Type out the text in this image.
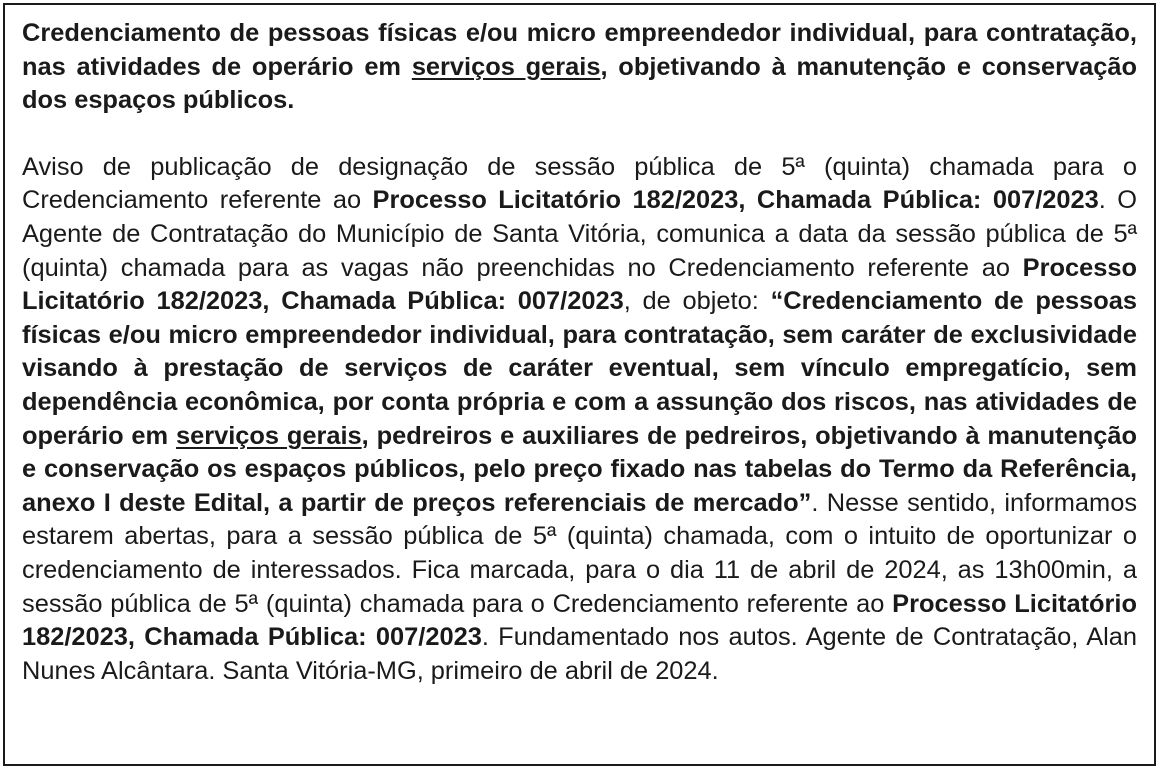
Credenciamento de pessoas físicas e/ou micro empreendedor individual, para contratação, nas atividades de operário em serviços gerais, objetivando à manutenção e conservação dos espaços públicos.

Aviso de publicação de designação de sessão pública de 5ª (quinta) chamada para o Credenciamento referente ao Processo Licitatório 182/2023, Chamada Pública: 007/2023. O Agente de Contratação do Município de Santa Vitória, comunica a data da sessão pública de 5ª (quinta) chamada para as vagas não preenchidas no Credenciamento referente ao Processo Licitatório 182/2023, Chamada Pública: 007/2023, de objeto: “Credenciamento de pessoas físicas e/ou micro empreendedor individual, para contratação, sem caráter de exclusividade visando à prestação de serviços de caráter eventual, sem vínculo empregatício, sem dependência econômica, por conta própria e com a assunção dos riscos, nas atividades de operário em serviços gerais, pedreiros e auxiliares de pedreiros, objetivando à manutenção e conservação os espaços públicos, pelo preço fixado nas tabelas do Termo da Referência, anexo I deste Edital, a partir de preços referenciais de mercado”. Nesse sentido, informamos estarem abertas, para a sessão pública de 5ª (quinta) chamada, com o intuito de oportunizar o credenciamento de interessados. Fica marcada, para o dia 11 de abril de 2024, as 13h00min, a sessão pública de 5ª (quinta) chamada para o Credenciamento referente ao Processo Licitatório 182/2023, Chamada Pública: 007/2023. Fundamentado nos autos. Agente de Contratação, Alan Nunes Alcântara. Santa Vitória-MG, primeiro de abril de 2024.
